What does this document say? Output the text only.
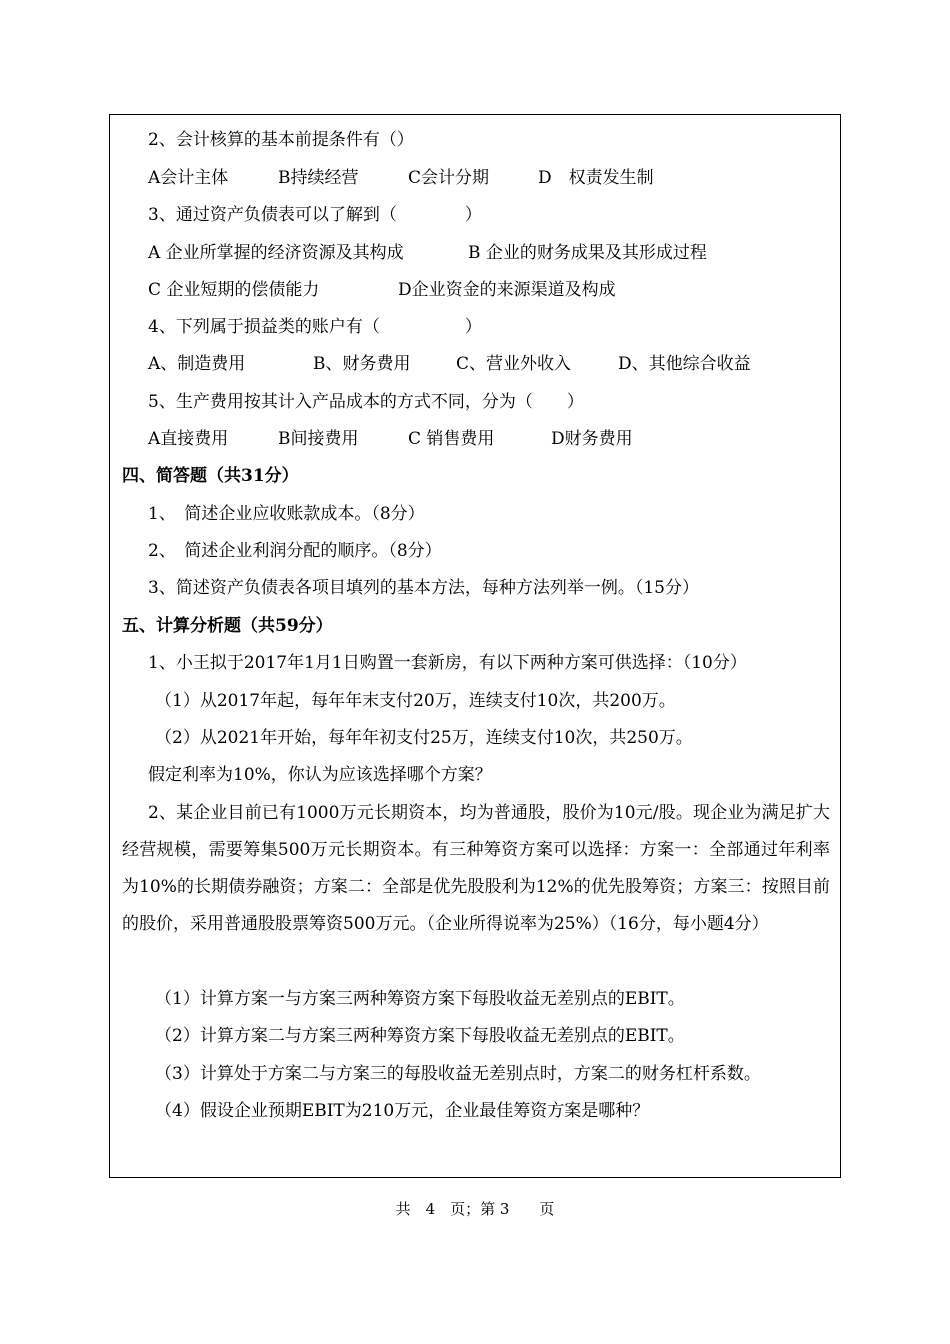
2、会计核算的基本前提条件有（）
A会计主体	B持续经营	C会计分期	D　权责发生制
3、通过资产负债表可以了解到（　　　　）
A 企业所掌握的经济资源及其构成	B 企业的财务成果及其形成过程
C 企业短期的偿债能力	D企业资金的来源渠道及构成
4、下列属于损益类的账户有（　　　　　）
A、制造费用	B、财务费用	C、营业外收入	D、其他综合收益
5、生产费用按其计入产品成本的方式不同，分为（　　）
A直接费用	B间接费用	C 销售费用	D财务费用
四、简答题（共31分）
1、　简述企业应收账款成本。（8分）
2、　简述企业利润分配的顺序。（8分）
3、简述资产负债表各项目填列的基本方法，每种方法列举一例。（15分）
五、计算分析题（共59分）
1、小王拟于2017年1月1日购置一套新房，有以下两种方案可供选择：（10分）
（1）从2017年起，每年年末支付20万，连续支付10次，共200万。
（2）从2021年开始，每年年初支付25万，连续支付10次，共250万。
假定利率为10%，你认为应该选择哪个方案？
2、某企业目前已有1000万元长期资本，均为普通股，股价为10元/股。现企业为满足扩大经营规模，需要筹集500万元长期资本。有三种筹资方案可以选择：方案一：全部通过年利率为10%的长期债券融资；方案二：全部是优先股股利为12%的优先股筹资；方案三：按照目前的股价，采用普通股股票筹资500万元。（企业所得说率为25%）（16分，每小题4分）
（1）计算方案一与方案三两种筹资方案下每股收益无差别点的EBIT。
（2）计算方案二与方案三两种筹资方案下每股收益无差别点的EBIT。
（3）计算处于方案二与方案三的每股收益无差别点时，方案二的财务杠杆系数。
（4）假设企业预期EBIT为210万元，企业最佳筹资方案是哪种？
共　4　页；第 3　　页
